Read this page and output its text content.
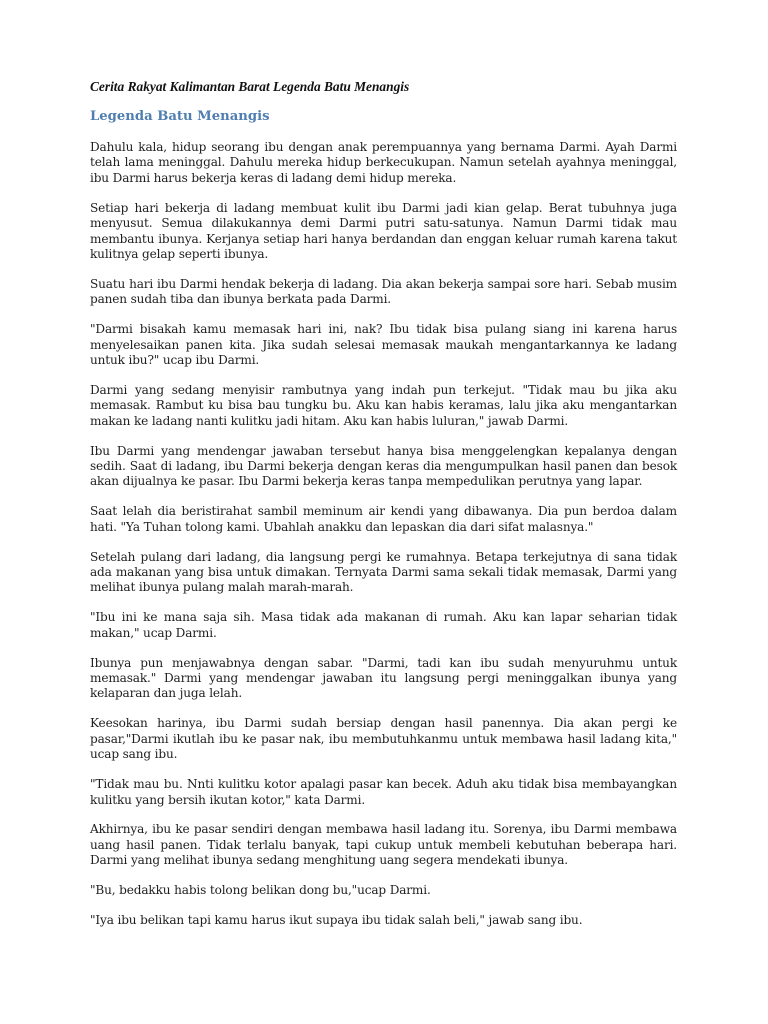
Cerita Rakyat Kalimantan Barat Legenda Batu Menangis
Legenda Batu Menangis

Dahulu kala, hidup seorang ibu dengan anak perempuannya yang bernama Darmi. Ayah Darmi telah lama meninggal. Dahulu mereka hidup berkecukupan. Namun setelah ayahnya meninggal, ibu Darmi harus bekerja keras di ladang demi hidup mereka.

Setiap hari bekerja di ladang membuat kulit ibu Darmi jadi kian gelap. Berat tubuhnya juga menyusut. Semua dilakukannya demi Darmi putri satu-satunya. Namun Darmi tidak mau membantu ibunya. Kerjanya setiap hari hanya berdandan dan enggan keluar rumah karena takut kulitnya gelap seperti ibunya.

Suatu hari ibu Darmi hendak bekerja di ladang. Dia akan bekerja sampai sore hari. Sebab musim panen sudah tiba dan ibunya berkata pada Darmi.

"Darmi bisakah kamu memasak hari ini, nak? Ibu tidak bisa pulang siang ini karena harus menyelesaikan panen kita. Jika sudah selesai memasak maukah mengantarkannya ke ladang untuk ibu?" ucap ibu Darmi.

Darmi yang sedang menyisir rambutnya yang indah pun terkejut. "Tidak mau bu jika aku memasak. Rambut ku bisa bau tungku bu. Aku kan habis keramas, lalu jika aku mengantarkan makan ke ladang nanti kulitku jadi hitam. Aku kan habis luluran," jawab Darmi.

Ibu Darmi yang mendengar jawaban tersebut hanya bisa menggelengkan kepalanya dengan sedih. Saat di ladang, ibu Darmi bekerja dengan keras dia mengumpulkan hasil panen dan besok akan dijualnya ke pasar. Ibu Darmi bekerja keras tanpa mempedulikan perutnya yang lapar.

Saat lelah dia beristirahat sambil meminum air kendi yang dibawanya. Dia pun berdoa dalam hati. "Ya Tuhan tolong kami. Ubahlah anakku dan lepaskan dia dari sifat malasnya."

Setelah pulang dari ladang, dia langsung pergi ke rumahnya. Betapa terkejutnya di sana tidak ada makanan yang bisa untuk dimakan. Ternyata Darmi sama sekali tidak memasak, Darmi yang melihat ibunya pulang malah marah-marah.

"Ibu ini ke mana saja sih. Masa tidak ada makanan di rumah. Aku kan lapar seharian tidak makan," ucap Darmi.

Ibunya pun menjawabnya dengan sabar. "Darmi, tadi kan ibu sudah menyuruhmu untuk memasak." Darmi yang mendengar jawaban itu langsung pergi meninggalkan ibunya yang kelaparan dan juga lelah.

Keesokan harinya, ibu Darmi sudah bersiap dengan hasil panennya. Dia akan pergi ke pasar,"Darmi ikutlah ibu ke pasar nak, ibu membutuhkanmu untuk membawa hasil ladang kita," ucap sang ibu.

"Tidak mau bu. Nnti kulitku kotor apalagi pasar kan becek. Aduh aku tidak bisa membayangkan kulitku yang bersih ikutan kotor," kata Darmi.

Akhirnya, ibu ke pasar sendiri dengan membawa hasil ladang itu. Sorenya, ibu Darmi membawa uang hasil panen. Tidak terlalu banyak, tapi cukup untuk membeli kebutuhan beberapa hari. Darmi yang melihat ibunya sedang menghitung uang segera mendekati ibunya.

"Bu, bedakku habis tolong belikan dong bu,"ucap Darmi.

"Iya ibu belikan tapi kamu harus ikut supaya ibu tidak salah beli," jawab sang ibu.
